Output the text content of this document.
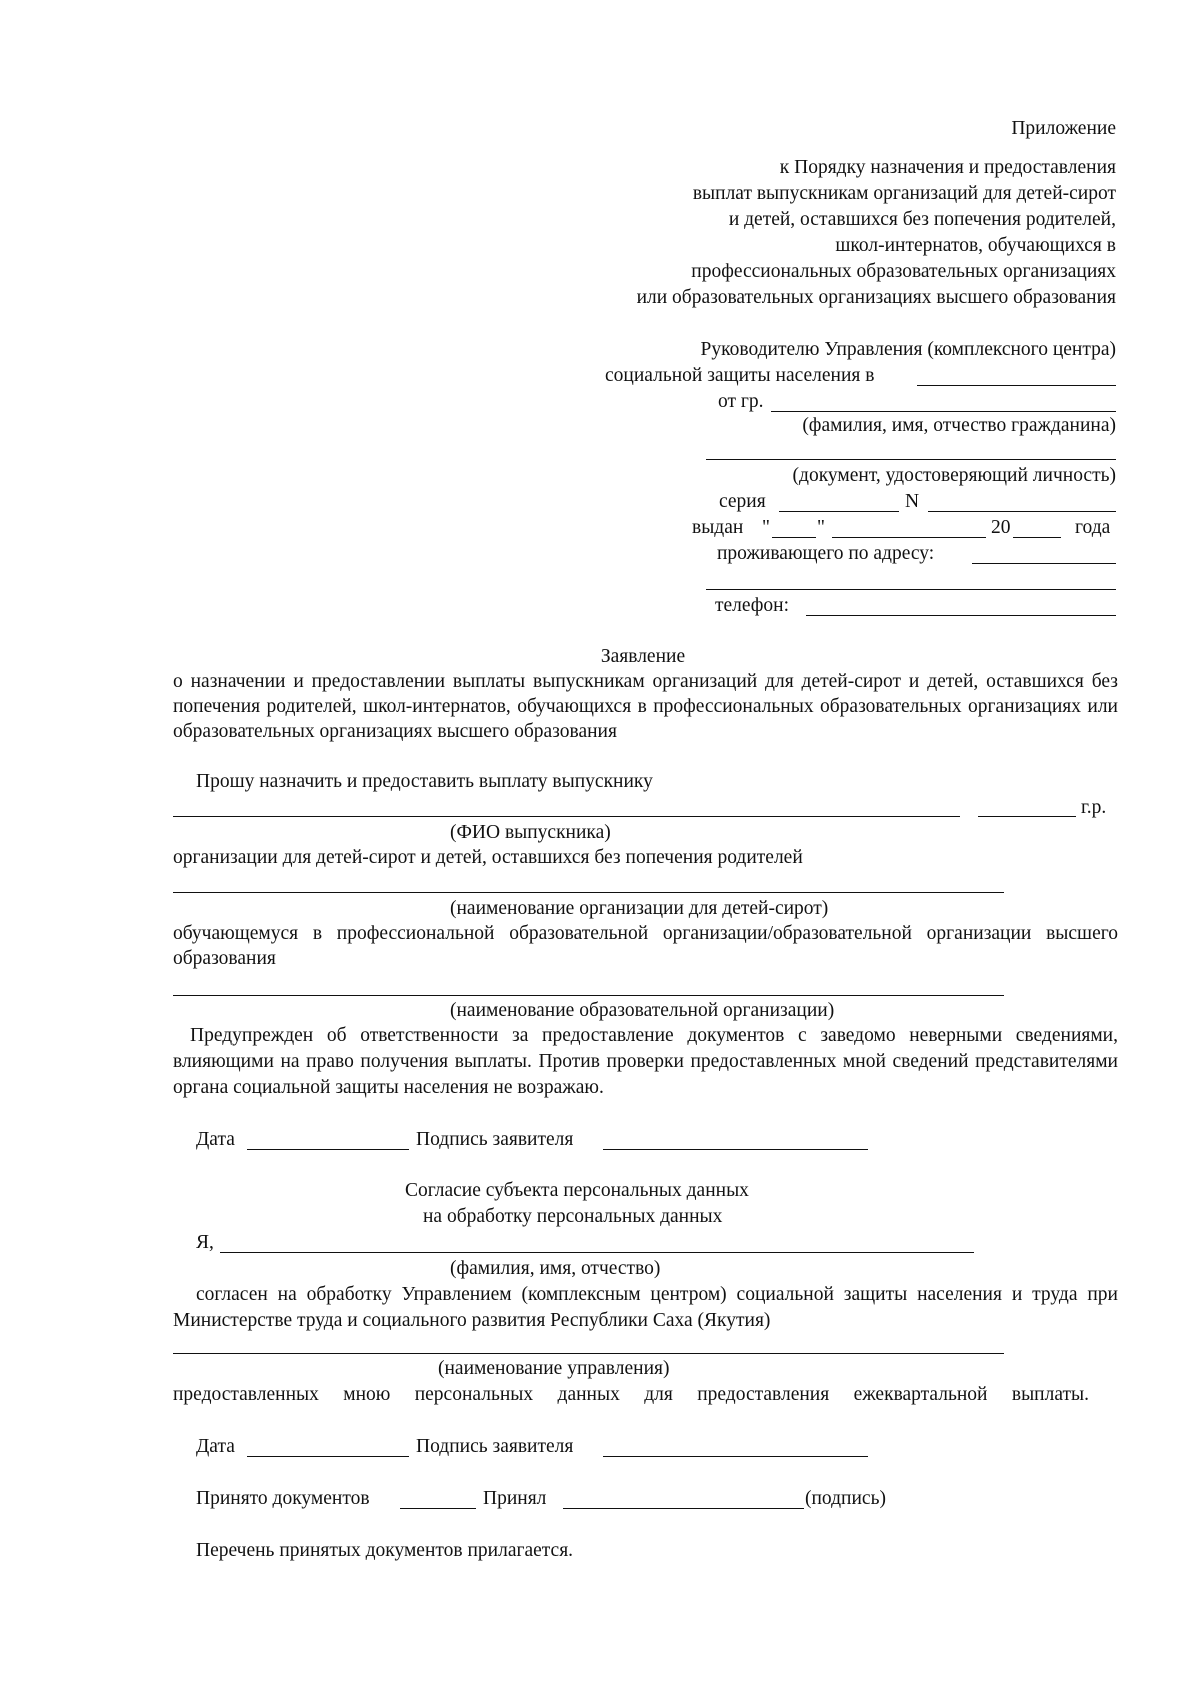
Приложение
к Порядку назначения и предоставления
выплат выпускникам организаций для детей-сирот
и детей, оставшихся без попечения родителей,
школ-интернатов, обучающихся в
профессиональных образовательных организациях
или образовательных организациях высшего образования
Руководителю Управления (комплексного центра)
социальной защиты населения в
от гр.
(фамилия, имя, отчество гражданина)
(документ, удостоверяющий личность)
серия	N
выдан " "	20	года
проживающего по адресу:
телефон:
Заявление
о назначении и предоставлении выплаты выпускникам организаций для детей-сирот и детей, оставшихся без попечения родителей, школ-интернатов, обучающихся в профессиональных образовательных организациях или образовательных организациях высшего образования
Прошу назначить и предоставить выплату выпускнику
г.р.
(ФИО выпускника)
организации для детей-сирот и детей, оставшихся без попечения родителей
(наименование организации для детей-сирот)
обучающемуся в профессиональной образовательной организации/образовательной организации высшего образования
(наименование образовательной организации)
Предупрежден об ответственности за предоставление документов с заведомо неверными сведениями, влияющими на право получения выплаты. Против проверки предоставленных мной сведений представителями органа социальной защиты населения не возражаю.
Дата	Подпись заявителя
Согласие субъекта персональных данных
на обработку персональных данных
Я,
(фамилия, имя, отчество)
согласен на обработку Управлением (комплексным центром) социальной защиты населения и труда при Министерстве труда и социального развития Республики Саха (Якутия)
(наименование управления)
предоставленных мною персональных данных для предоставления ежеквартальной выплаты.
Дата	Подпись заявителя
Принято документов	Принял	(подпись)
Перечень принятых документов прилагается.
